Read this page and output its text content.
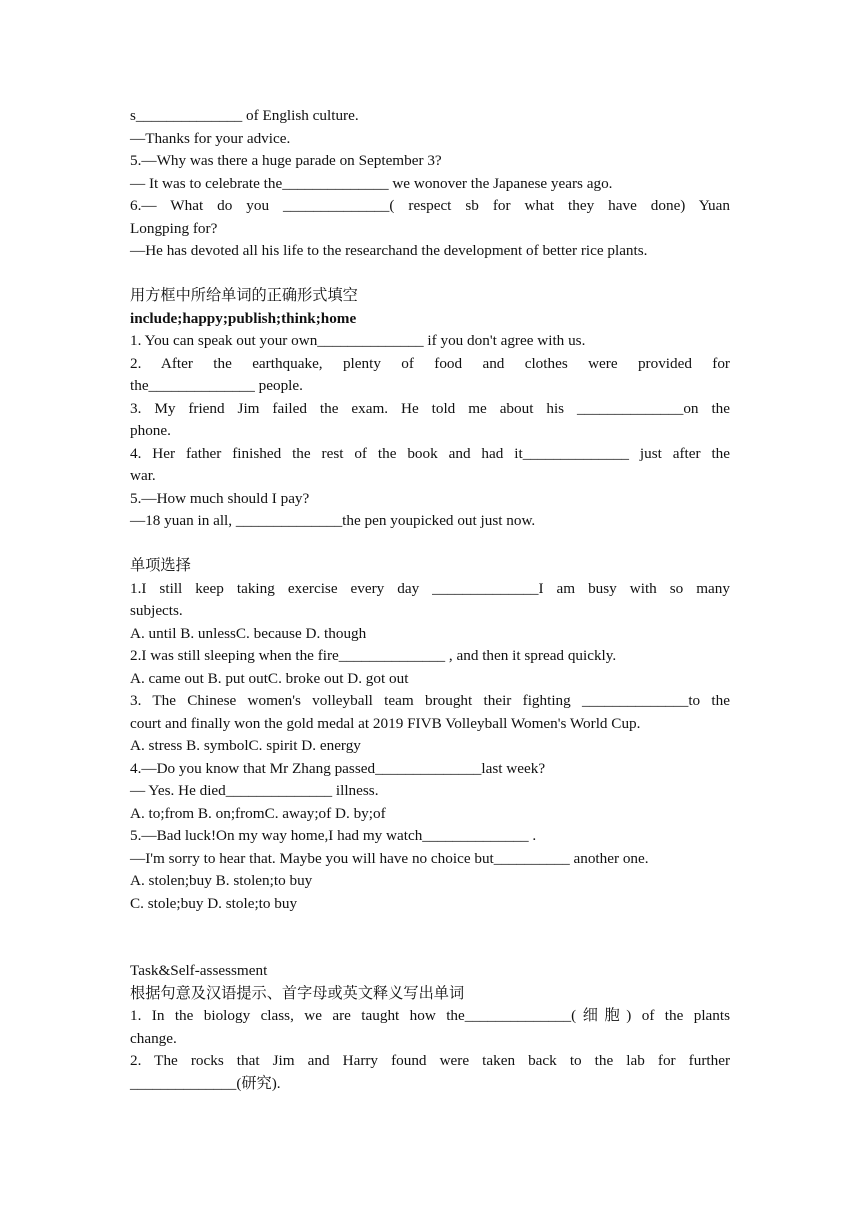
s______________ of English culture.
—Thanks for your advice.
5.—Why was there a huge parade on September 3?
— It was to celebrate the______________ we wonover the Japanese years ago.
6.— What do you ______________( respect sb for what they have done) Yuan
Longping for?
—He has devoted all his life to the researchand the development of better rice plants.
用方框中所给单词的正确形式填空
include;happy;publish;think;home
1. You can speak out your own______________ if you don't agree with us.
2. After the earthquake, plenty of food and clothes were provided for
the______________ people.
3. My friend Jim failed the exam. He told me about his ______________on the
phone.
4. Her father finished the rest of the book and had it______________ just after the
war.
5.―How much should I pay?
—18 yuan in all, ______________the pen youpicked out just now.
单项选择
1.I still keep taking exercise every day ______________I am busy with so many
subjects.
A. until B. unlessC. because D. though
2.I was still sleeping when the fire______________ , and then it spread quickly.
A. came out B. put outC. broke out D. got out
3. The Chinese women's volleyball team brought their fighting ______________to the
court and finally won the gold medal at 2019 FIVB Volleyball Women's World Cup.
A. stress B. symbolC. spirit D. energy
4.—Do you know that Mr Zhang passed______________last week?
— Yes. He died______________ illness.
A. to;from B. on;fromC. away;of D. by;of
5.—Bad luck!On my way home,I had my watch______________ .
—I'm sorry to hear that. Maybe you will have no choice but__________ another one.
A. stolen;buy B. stolen;to buy
C. stole;buy D. stole;to buy
Task&Self-assessment
根据句意及汉语提示、首字母或英文释义写出单词
1. In the biology class, we are taught how the______________(细胞) of the plants
change.
2. The rocks that Jim and Harry found were taken back to the lab for further
______________(研究).
